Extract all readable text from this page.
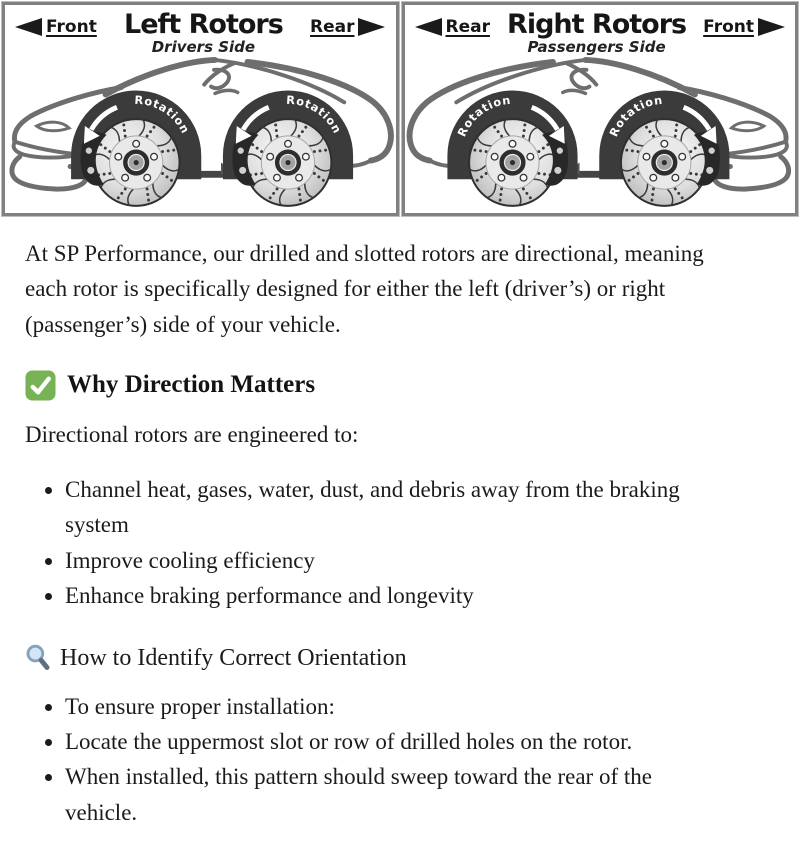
Front Left Rotors
Drivers Side
Rear	Rear Right Rotors
Passengers Side
Front

At SP Performance, our drilled and slotted rotors are directional, meaning each rotor is specifically designed for either the left (driver’s) or right (passenger’s) side of your vehicle.

Why Direction Matters

Directional rotors are engineered to:

• Channel heat, gases, water, dust, and debris away from the braking system
• Improve cooling efficiency
• Enhance braking performance and longevity
How to Identify Correct Orientation
• To ensure proper installation:
• Locate the uppermost slot or row of drilled holes on the rotor.
• When installed, this pattern should sweep toward the rear of the vehicle.
